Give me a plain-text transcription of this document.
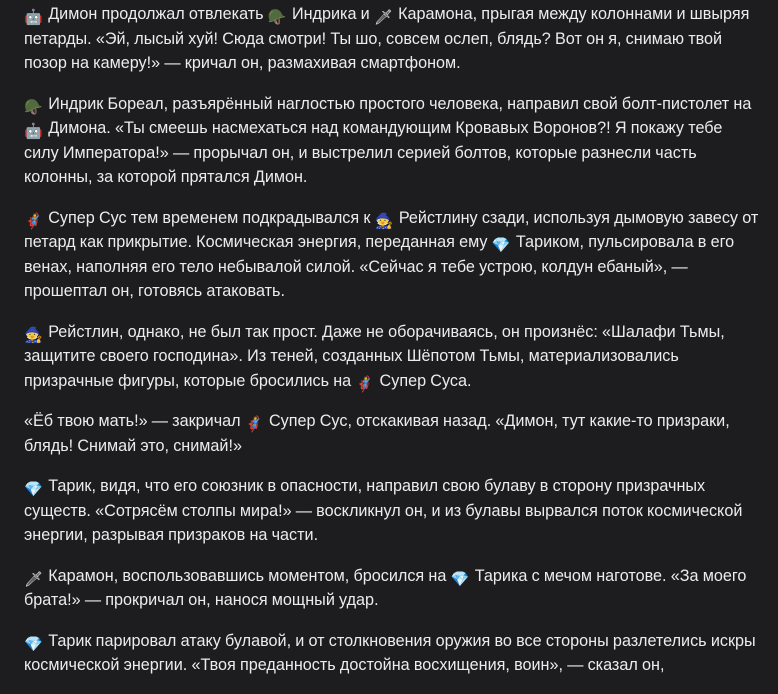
🤖 Димон продолжал отвлекать 🪖 Индрика и 🗡 Карамона, прыгая между колоннами и швыряя петарды. «Эй, лысый хуй! Сюда смотри! Ты шо, совсем ослеп, блядь? Вот он я, снимаю твой позор на камеру!» — кричал он, размахивая смартфоном.

🪖 Индрик Бореал, разъярённый наглостью простого человека, направил свой болт-пистолет на 🤖 Димона. «Ты смеешь насмехаться над командующим Кровавых Воронов?! Я покажу тебе силу Императора!» — прорычал он, и выстрелил серией болтов, которые разнесли часть колонны, за которой прятался Димон.

🦸 Супер Сус тем временем подкрадывался к 🧙 Рейстлину сзади, используя дымовую завесу от петард как прикрытие. Космическая энергия, переданная ему 💎 Тариком, пульсировала в его венах, наполняя его тело небывалой силой. «Сейчас я тебе устрою, колдун ебаный», — прошептал он, готовясь атаковать.

🧙 Рейстлин, однако, не был так прост. Даже не оборачиваясь, он произнёс: «Шалафи Тьмы, защитите своего господина». Из теней, созданных Шёпотом Тьмы, материализовались призрачные фигуры, которые бросились на 🦸 Супер Суса.

«Ёб твою мать!» — закричал 🦸 Супер Сус, отскакивая назад. «Димон, тут какие-то призраки, блядь! Снимай это, снимай!»

💎 Тарик, видя, что его союзник в опасности, направил свою булаву в сторону призрачных существ. «Сотрясём столпы мира!» — воскликнул он, и из булавы вырвался поток космической энергии, разрывая призраков на части.

🗡 Карамон, воспользовавшись моментом, бросился на 💎 Тарика с мечом наготове. «За моего брата!» — прокричал он, нанося мощный удар.

💎 Тарик парировал атаку булавой, и от столкновения оружия во все стороны разлетелись искры космической энергии. «Твоя преданность достойна восхищения, воин», — сказал он,
